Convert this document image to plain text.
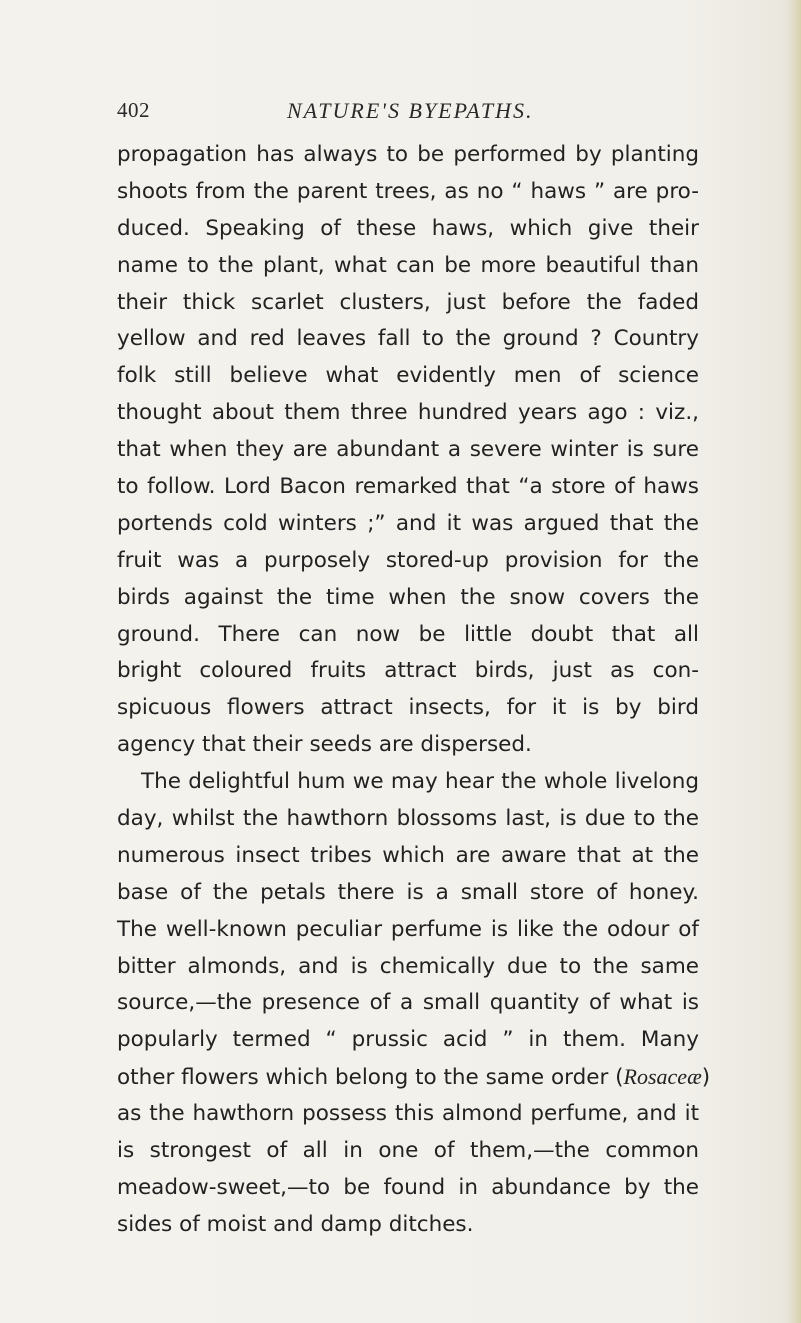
402	NATURE'S BYEPATHS.
propagation has always to be performed by planting
shoots from the parent trees, as no “ haws ” are pro-
duced. Speaking of these haws, which give their
name to the plant, what can be more beautiful than
their thick scarlet clusters, just before the faded
yellow and red leaves fall to the ground ? Country
folk still believe what evidently men of science
thought about them three hundred years ago : viz.,
that when they are abundant a severe winter is sure
to follow. Lord Bacon remarked that “a store of haws
portends cold winters ;” and it was argued that the
fruit was a purposely stored-up provision for the
birds against the time when the snow covers the
ground. There can now be little doubt that all
bright coloured fruits attract birds, just as con-
spicuous flowers attract insects, for it is by bird
agency that their seeds are dispersed.
The delightful hum we may hear the whole livelong
day, whilst the hawthorn blossoms last, is due to the
numerous insect tribes which are aware that at the
base of the petals there is a small store of honey.
The well-known peculiar perfume is like the odour of
bitter almonds, and is chemically due to the same
source,—the presence of a small quantity of what is
popularly termed “ prussic acid ” in them. Many
other flowers which belong to the same order (Rosaceæ)
as the hawthorn possess this almond perfume, and it
is strongest of all in one of them,—the common
meadow-sweet,—to be found in abundance by the
sides of moist and damp ditches.
